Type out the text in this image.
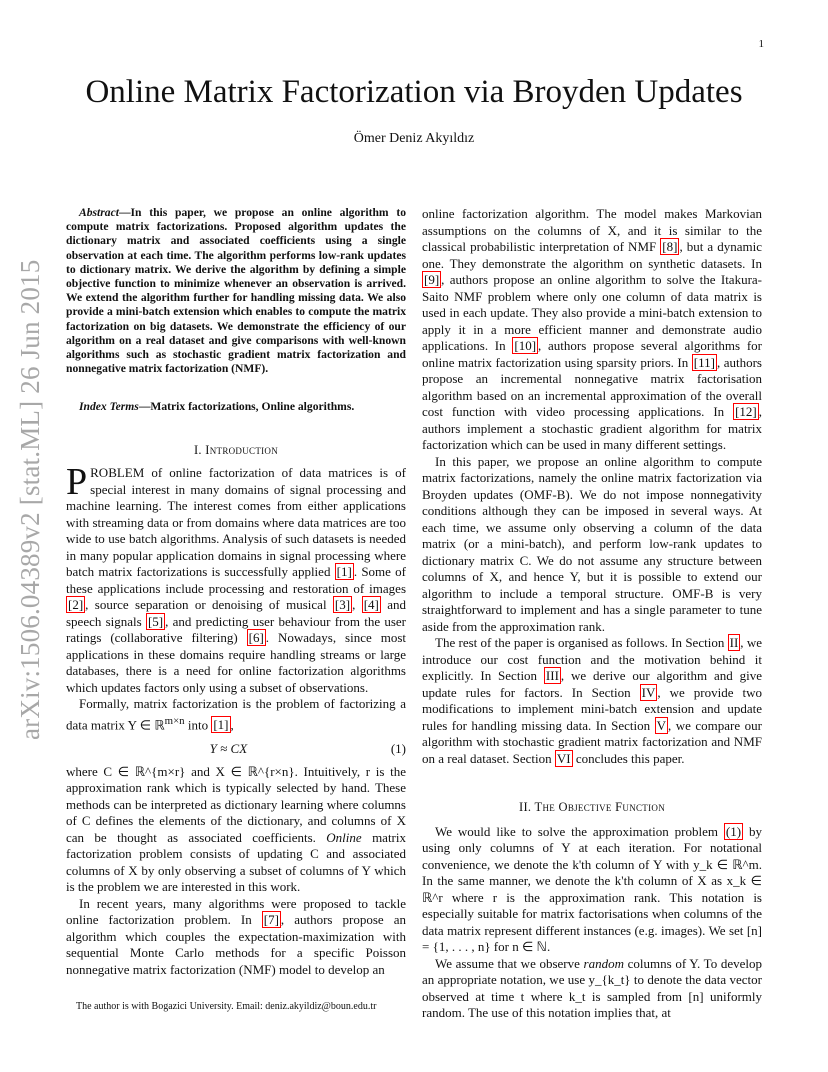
1
arXiv:1506.04389v2 [stat.ML] 26 Jun 2015
Online Matrix Factorization via Broyden Updates
Ömer Deniz Akyıldız

Abstract—In this paper, we propose an online algorithm to compute matrix factorizations. Proposed algorithm updates the dictionary matrix and associated coefficients using a single observation at each time. The algorithm performs low-rank updates to dictionary matrix. We derive the algorithm by defining a simple objective function to minimize whenever an observation is arrived. We extend the algorithm further for handling missing data. We also provide a mini-batch extension which enables to compute the matrix factorization on big datasets. We demonstrate the efficiency of our algorithm on a real dataset and give comparisons with well-known algorithms such as stochastic gradient matrix factorization and nonnegative matrix factorization (NMF).

Index Terms—Matrix factorizations, Online algorithms.

I. Introduction

PROBLEM of online factorization of data matrices is of special interest in many domains of signal processing and machine learning. The interest comes from either applications with streaming data or from domains where data matrices are too wide to use batch algorithms. Analysis of such datasets is needed in many popular application domains in signal processing where batch matrix factorizations is successfully applied [1] . Some of these applications include processing and restoration of images [2] , source separation or denoising of musical [3] , [4] and speech signals [5] , and predicting user behaviour from the user ratings (collaborative filtering) [6] . Nowadays, since most applications in these domains require handling streams or large databases, there is a need for online factorization algorithms which updates factors only using a subset of observations.

Formally, matrix factorization is the problem of factorizing a data matrix Y ∈ ℝ$^{m\times n}$ into [1] ,

Y ≈ CX	(1)

where C ∈ ℝ^{m×r} and X ∈ ℝ^{r×n}. Intuitively, r is the approximation rank which is typically selected by hand. These methods can be interpreted as dictionary learning where columns of C defines the elements of the dictionary, and columns of X can be thought as associated coefficients. Online matrix factorization problem consists of updating C and associated columns of X by only observing a subset of columns of Y which is the problem we are interested in this work.

In recent years, many algorithms were proposed to tackle online factorization problem. In [7] , authors propose an algorithm which couples the expectation-maximization with sequential Monte Carlo methods for a specific Poisson nonnegative matrix factorization (NMF) model to develop an

The author is with Bogazici University. Email: deniz.akyildiz@boun.edu.tr

online factorization algorithm. The model makes Markovian assumptions on the columns of X, and it is similar to the classical probabilistic interpretation of NMF [8] , but a dynamic one. They demonstrate the algorithm on synthetic datasets. In [9] , authors propose an online algorithm to solve the Itakura-Saito NMF problem where only one column of data matrix is used in each update. They also provide a mini-batch extension to apply it in a more efficient manner and demonstrate audio applications. In [10] , authors propose several algorithms for online matrix factorization using sparsity priors. In [11] , authors propose an incremental nonnegative matrix factorisation algorithm based on an incremental approximation of the overall cost function with video processing applications. In [12] , authors implement a stochastic gradient algorithm for matrix factorization which can be used in many different settings.

In this paper, we propose an online algorithm to compute matrix factorizations, namely the online matrix factorization via Broyden updates (OMF-B). We do not impose nonnegativity conditions although they can be imposed in several ways. At each time, we assume only observing a column of the data matrix (or a mini-batch), and perform low-rank updates to dictionary matrix C. We do not assume any structure between columns of X, and hence Y, but it is possible to extend our algorithm to include a temporal structure. OMF-B is very straightforward to implement and has a single parameter to tune aside from the approximation rank.

The rest of the paper is organised as follows. In Section II , we introduce our cost function and the motivation behind it explicitly. In Section III , we derive our algorithm and give update rules for factors. In Section IV , we provide two modifications to implement mini-batch extension and update rules for handling missing data. In Section V , we compare our algorithm with stochastic gradient matrix factorization and NMF on a real dataset. Section VI concludes this paper.

II. The Objective Function

We would like to solve the approximation problem (1) by using only columns of Y at each iteration. For notational convenience, we denote the k'th column of Y with y_k ∈ ℝ^m. In the same manner, we denote the k'th column of X as x_k ∈ ℝ^r where r is the approximation rank. This notation is especially suitable for matrix factorisations when columns of the data matrix represent different instances (e.g. images). We set [n] = {1, . . . , n} for n ∈ ℕ.

We assume that we observe random columns of Y. To develop an appropriate notation, we use y_{k_t} to denote the data vector observed at time t where k_t is sampled from [n] uniformly random. The use of this notation implies that, at
